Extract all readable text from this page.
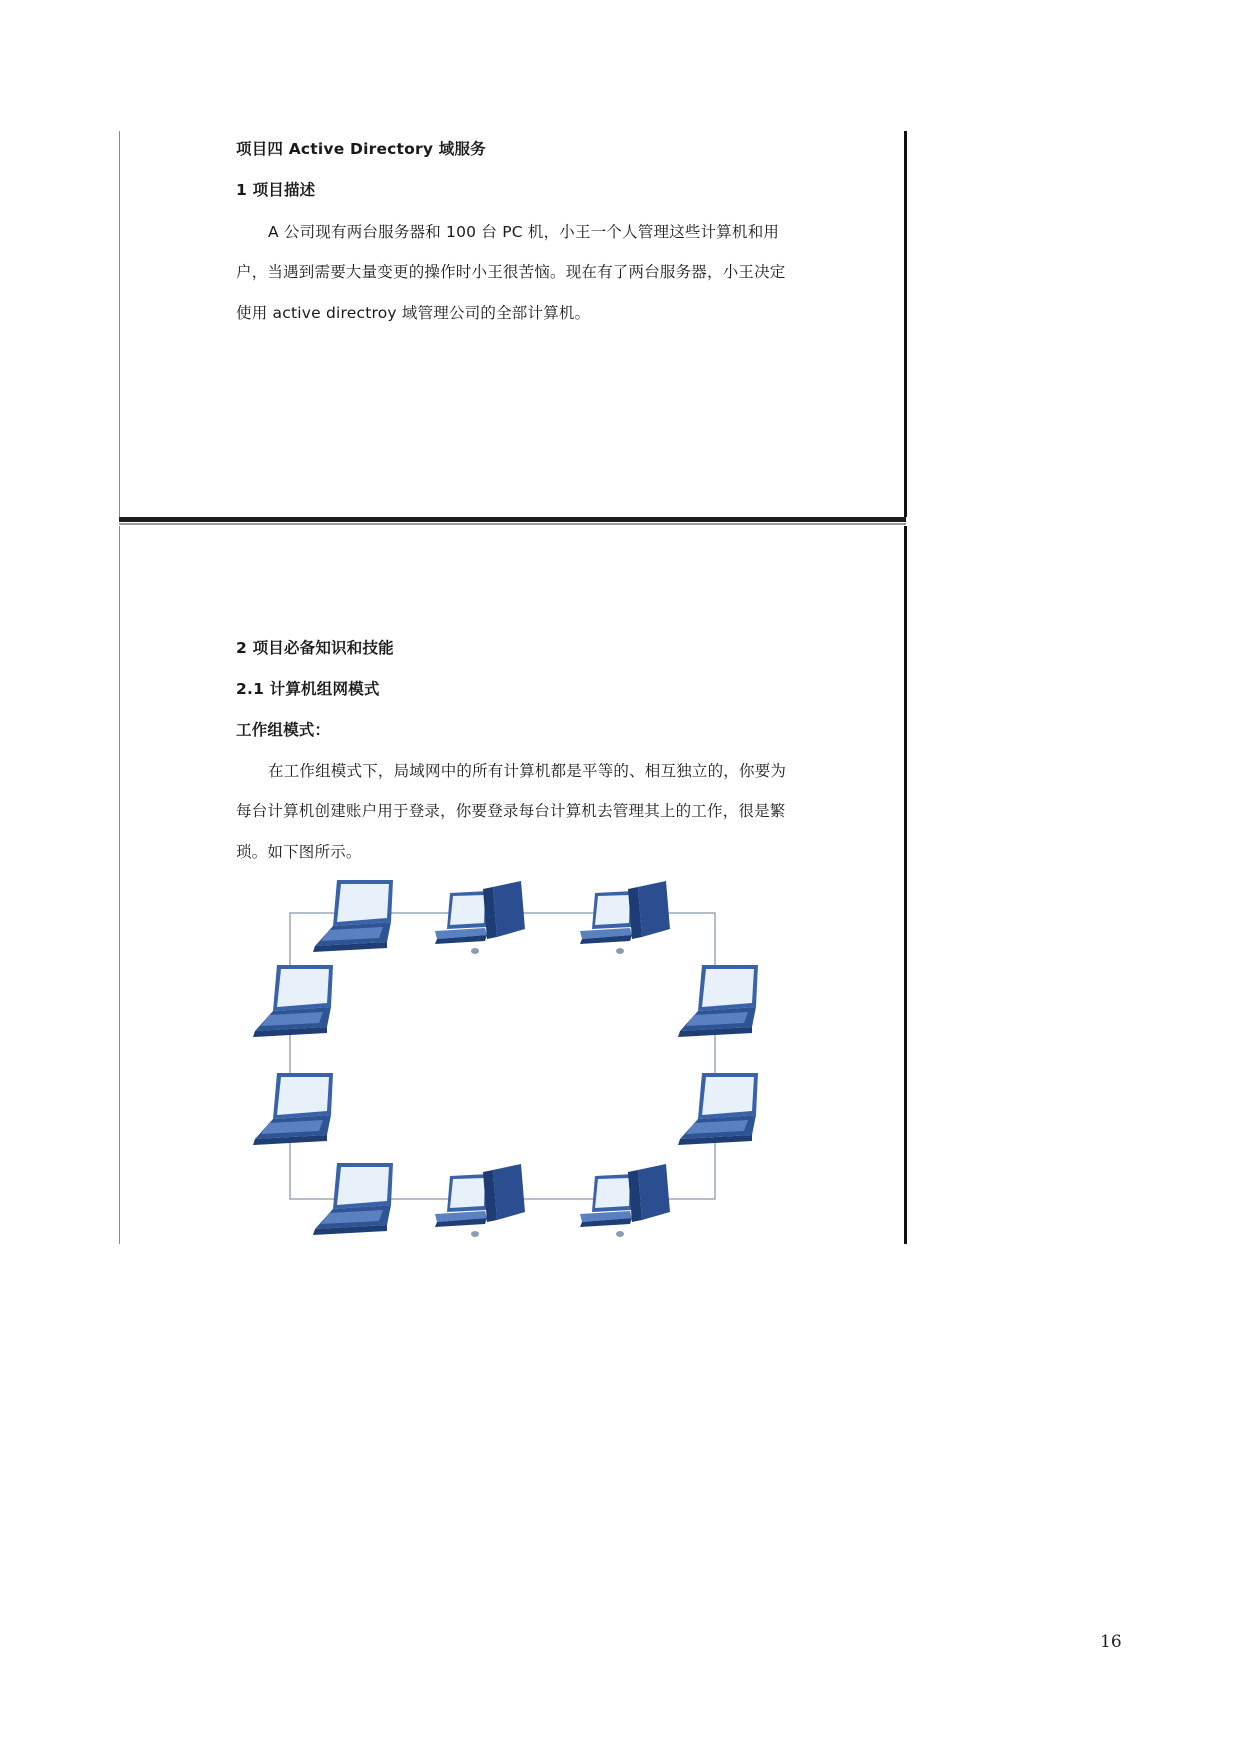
项目四 Active Directory 域服务
1 项目描述
A 公司现有两台服务器和 100 台 PC 机，小王一个人管理这些计算机和用
户，当遇到需要大量变更的操作时小王很苦恼。现在有了两台服务器，小王决定
使用 active directroy 域管理公司的全部计算机。
2 项目必备知识和技能
2.1 计算机组网模式
工作组模式：
在工作组模式下，局域网中的所有计算机都是平等的、相互独立的，你要为
每台计算机创建账户用于登录，你要登录每台计算机去管理其上的工作，很是繁
琐。如下图所示。
16
